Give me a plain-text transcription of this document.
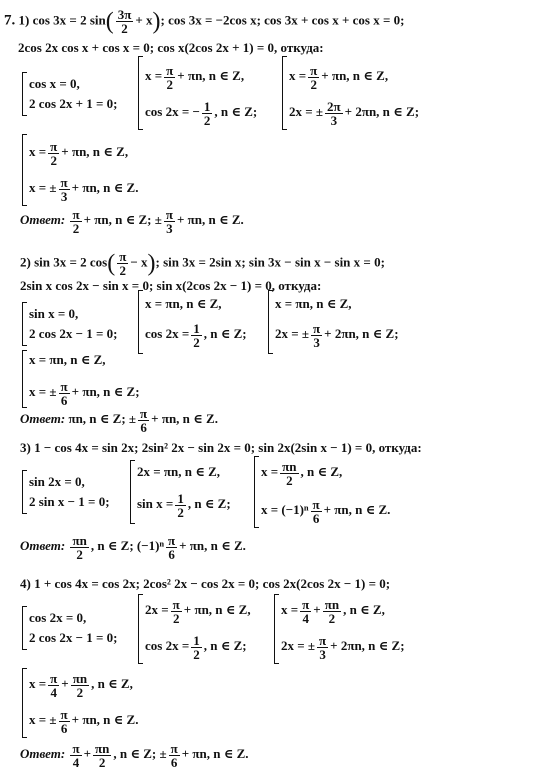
7. 1) cos 3x = 2 $\sin( \frac{3\pi}{2} + x)$; cos 3x = −2cos x; cos 3x + cos x + cos x = 0;
2cos 2x cos x + cos x = 0; cos x(2cos 2x + 1) = 0, откуда:
cos x = 0,
2 cos 2x + 1 = 0;
$x = \frac{\pi}{2} + \pi n$, n ∈ Z,
cos 2x = − $\frac{1}{2}$ , n ∈ Z;
$x = \frac{\pi}{2} + \pi n$, n ∈ Z,
2x = ± $\frac{2\pi}{3} + 2\pi n$, n ∈ Z;
$x = \frac{\pi}{2} + \pi n$, n ∈ Z,
x = ± $\frac{\pi}{3} + \pi n$, n ∈ Z.
Ответ: $\frac{\pi}{2} + \pi n$, n ∈ Z; ± $\frac{\pi}{3} + \pi n$, n ∈ Z.
2) sin 3x = 2 $\cos( \frac{\pi}{2} - x)$; sin 3x = 2sin x; sin 3x − sin x − sin x = 0;
2sin x cos 2x − sin x = 0; sin x(2cos 2x − 1) = 0, откуда:
sin x = 0,
2 cos 2x − 1 = 0;
x = πn, n ∈ Z,
$\cos 2x = \frac{1}{2}$ , n ∈ Z;
x = πn, n ∈ Z,
2x = ± $\frac{\pi}{3} + 2\pi n$, n ∈ Z;
x = πn, n ∈ Z,
x = ± $\frac{\pi}{6} + \pi n$, n ∈ Z;
Ответ: πn, n ∈ Z; ± $\frac{\pi}{6} + \pi n$, n ∈ Z.
3) 1 − cos 4x = sin 2x; 2sin² 2x − sin 2x = 0; sin 2x(2sin x − 1) = 0, откуда:
sin 2x = 0,
2 sin x − 1 = 0;
2x = πn, n ∈ Z,
$\sin x = \frac{1}{2}$ , n ∈ Z;
$x = \frac{\pi n}{2}$ , n ∈ Z,
$x = (-1)^n \frac{\pi}{6} + \pi n$, n ∈ Z.
Ответ: $\frac{\pi n}{2}$ , n ∈ Z; $(-1)^n \frac{\pi}{6} + \pi n$, n ∈ Z.
4) 1 + cos 4x = cos 2x; 2cos² 2x − cos 2x = 0; cos 2x(2cos 2x − 1) = 0;
cos 2x = 0,
2 cos 2x − 1 = 0;
$2x = \frac{\pi}{2} + \pi n$, n ∈ Z,
$\cos 2x = \frac{1}{2}$ , n ∈ Z;
$x = \frac{\pi}{4} + \frac{\pi n}{2}$ , n ∈ Z,
2x = ± $\frac{\pi}{3} + 2\pi n$, n ∈ Z;
$x = \frac{\pi}{4} + \frac{\pi n}{2}$ , n ∈ Z,
x = ± $\frac{\pi}{6} + \pi n$, n ∈ Z.
Ответ: $\frac{\pi}{4} + \frac{\pi n}{2}$ , n ∈ Z; ± $\frac{\pi}{6} + \pi n$, n ∈ Z.
